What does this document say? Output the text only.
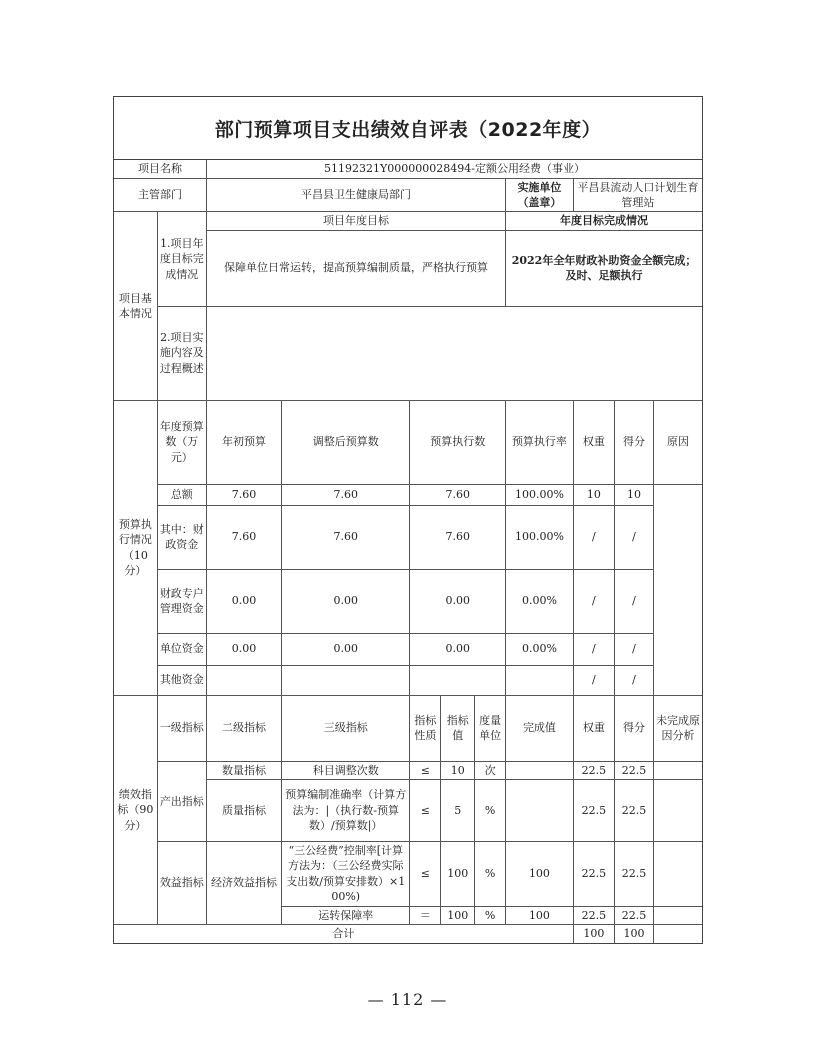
部门预算项目支出绩效自评表（2022年度）
项目名称		51192321Y000000028494-定额公用经费（事业）								
主管部门		平昌县卫生健康局部门					实施单位（盖章）	平昌县流动人口计划生育管理站		
项目基本情况	1.项目年度目标完成情况	项目年度目标					年度目标完成情况			
		保障单位日常运转，提高预算编制质量，严格执行预算					2022年全年财政补助资金全额完成；及时、足额执行			
	2.项目实施内容及过程概述									

预算执行情况（10分）	年度预算数（万元）	年初预算	调整后预算数	预算执行数			预算执行率	权重	得分	原因
	总额	7.60	7.60	7.60			100.00%	10	10	
	其中：财政资金	7.60	7.60	7.60			100.00%	/	/	
	财政专户管理资金	0.00	0.00	0.00			0.00%	/	/	
	单位资金	0.00	0.00	0.00			0.00%	/	/	
	其他资金							/	/	
绩效指标（90分）	一级指标	二级指标	三级指标	指标性质	指标值	度量单位	完成值	权重	得分	未完成原因分析
	产出指标	数量指标	科目调整次数	≤	10	次		22.5	22.5	
		质量指标	预算编制准确率（计算方法为：|（执行数-预算数）/预算数|）	≤	5	%		22.5	22.5	
	效益指标	经济效益指标	“三公经费”控制率[计算方法为：（三公经费实际支出数/预算安排数）×100%)	≤	100	%	100	22.5	22.5	
			运转保障率	＝	100	%	100	22.5	22.5	
合计								100	100	
— 112 —
